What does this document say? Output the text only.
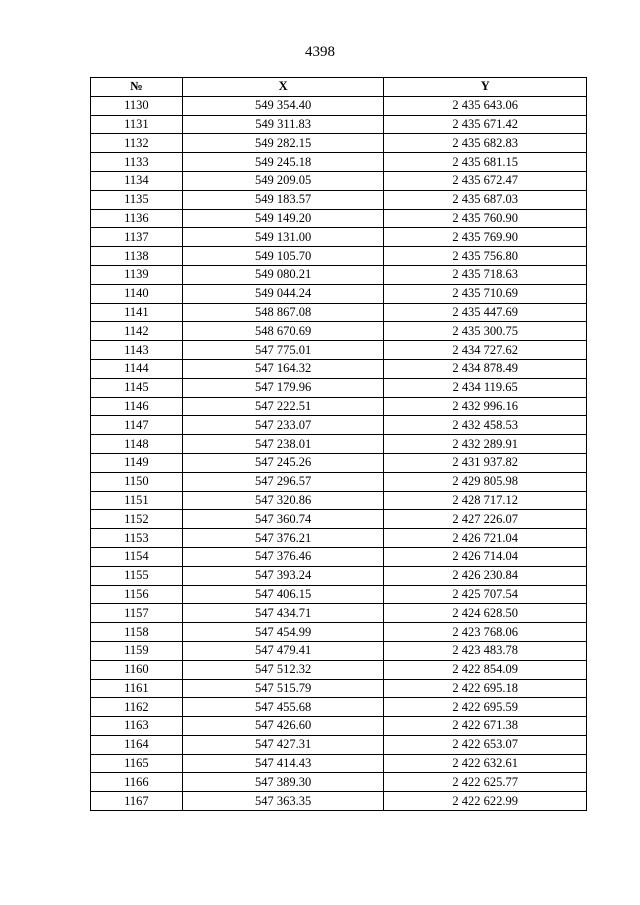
4398
№	X	Y
1130	549 354.40	2 435 643.06
1131	549 311.83	2 435 671.42
1132	549 282.15	2 435 682.83
1133	549 245.18	2 435 681.15
1134	549 209.05	2 435 672.47
1135	549 183.57	2 435 687.03
1136	549 149.20	2 435 760.90
1137	549 131.00	2 435 769.90
1138	549 105.70	2 435 756.80
1139	549 080.21	2 435 718.63
1140	549 044.24	2 435 710.69
1141	548 867.08	2 435 447.69
1142	548 670.69	2 435 300.75
1143	547 775.01	2 434 727.62
1144	547 164.32	2 434 878.49
1145	547 179.96	2 434 119.65
1146	547 222.51	2 432 996.16
1147	547 233.07	2 432 458.53
1148	547 238.01	2 432 289.91
1149	547 245.26	2 431 937.82
1150	547 296.57	2 429 805.98
1151	547 320.86	2 428 717.12
1152	547 360.74	2 427 226.07
1153	547 376.21	2 426 721.04
1154	547 376.46	2 426 714.04
1155	547 393.24	2 426 230.84
1156	547 406.15	2 425 707.54
1157	547 434.71	2 424 628.50
1158	547 454.99	2 423 768.06
1159	547 479.41	2 423 483.78
1160	547 512.32	2 422 854.09
1161	547 515.79	2 422 695.18
1162	547 455.68	2 422 695.59
1163	547 426.60	2 422 671.38
1164	547 427.31	2 422 653.07
1165	547 414.43	2 422 632.61
1166	547 389.30	2 422 625.77
1167	547 363.35	2 422 622.99
